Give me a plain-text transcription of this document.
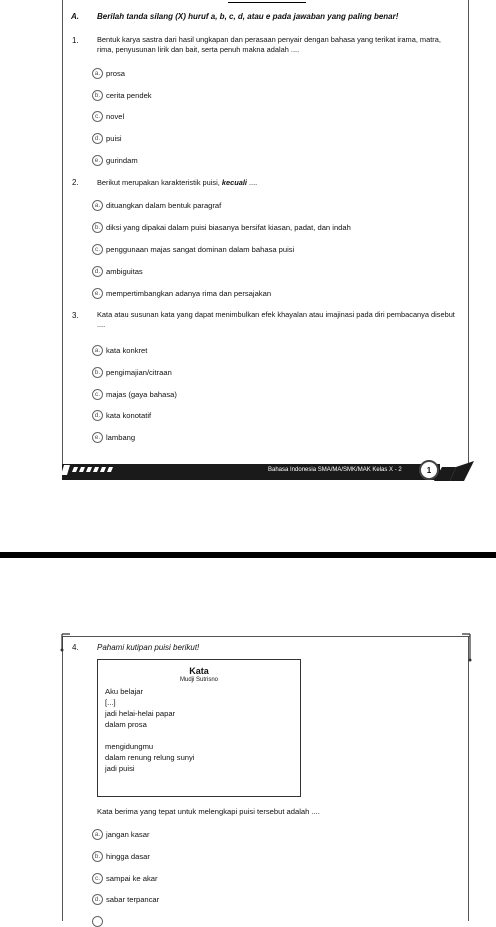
A. Berilah tanda silang (X) huruf a, b, c, d, atau e pada jawaban yang paling benar!
1. Bentuk karya sastra dari hasil ungkapan dan perasaan penyair dengan bahasa yang terikat irama, matra, rima, penyusunan lirik dan bait, serta penuh makna adalah ....
a. prosa
b. cerita pendek
c. novel
d. puisi
e. gurindam
2. Berikut merupakan karakteristik puisi, kecuali ....
a. dituangkan dalam bentuk paragraf
b. diksi yang dipakai dalam puisi biasanya bersifat kiasan, padat, dan indah
c. penggunaan majas sangat dominan dalam bahasa puisi
d. ambiguitas
e. mempertimbangkan adanya rima dan persajakan
3. Kata atau susunan kata yang dapat menimbulkan efek khayalan atau imajinasi pada diri pembacanya disebut ....
a. kata konkret
b. pengimajian/citraan
c. majas (gaya bahasa)
d. kata konotatif
e. lambang
Bahasa Indonesia SMA/MA/SMK/MAK Kelas X - 2	1
4. Pahami kutipan puisi berikut!
Kata
Mudji Sutrisno
Aku belajar
[...]
jadi helai-helai papar
dalam prosa
mengidungmu
dalam renung relung sunyi
jadi puisi
Kata berima yang tepat untuk melengkapi puisi tersebut adalah ....
a. jangan kasar
b. hingga dasar
c. sampai ke akar
d. sabar terpancar
